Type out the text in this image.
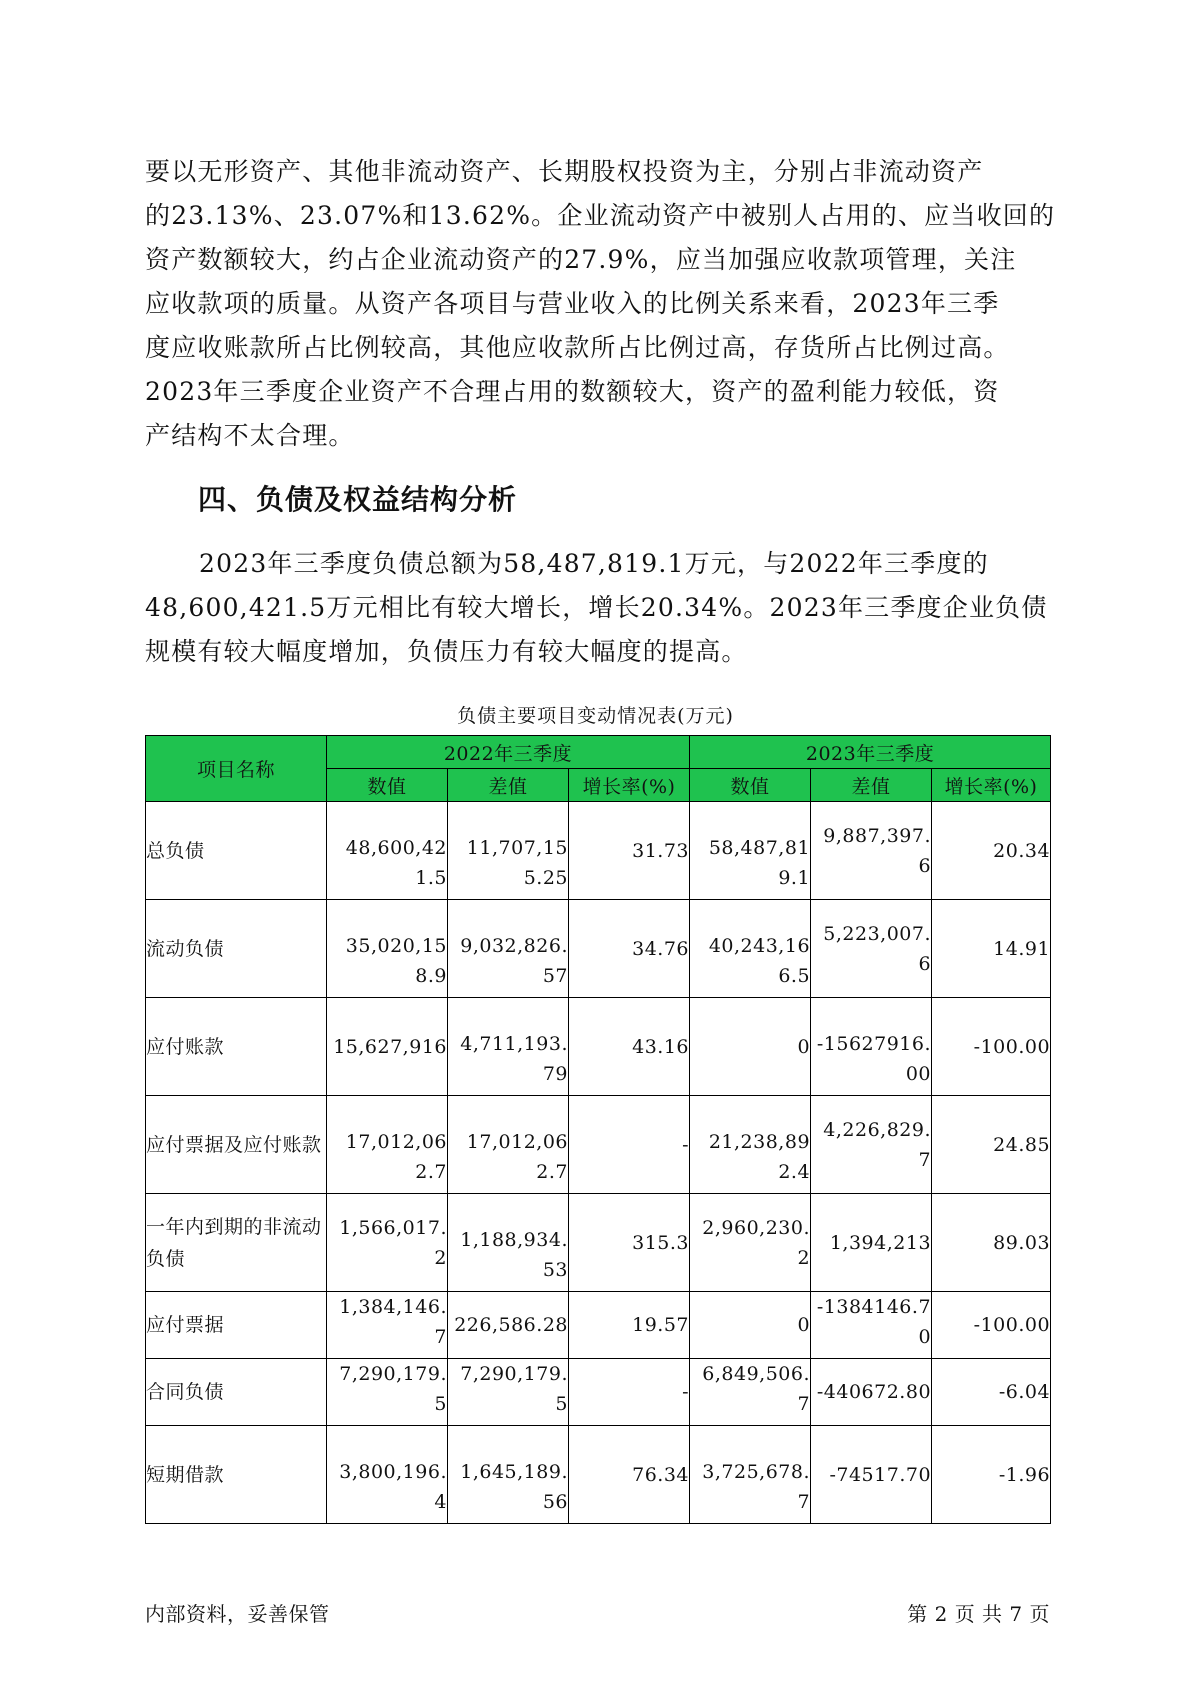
要以无形资产、其他非流动资产、长期股权投资为主，分别占非流动资产
的23.13%、23.07%和13.62%。企业流动资产中被别人占用的、应当收回的
资产数额较大，约占企业流动资产的27.9%，应当加强应收款项管理，关注
应收款项的质量。从资产各项目与营业收入的比例关系来看，2023年三季
度应收账款所占比例较高，其他应收款所占比例过高，存货所占比例过高。
2023年三季度企业资产不合理占用的数额较大，资产的盈利能力较低，资
产结构不太合理。
四、负债及权益结构分析
2023年三季度负债总额为58,487,819.1万元，与2022年三季度的
48,600,421.5万元相比有较大增长，增长20.34%。2023年三季度企业负债
规模有较大幅度增加，负债压力有较大幅度的提高。
负债主要项目变动情况表(万元)
项目名称	2022年三季度			2023年三季度		
	数值	差值	增长率(%)	数值	差值	增长率(%)
总负债	48,600,421.5	11,707,155.25	31.73	58,487,819.1	9,887,397.6	20.34
流动负债	35,020,158.9	9,032,826.57	34.76	40,243,166.5	5,223,007.6	14.91
应付账款	15,627,916	4,711,193.79	43.16	0	-15627916.00	-100.00
应付票据及应付账款	17,012,062.7	17,012,062.7	-	21,238,892.4	4,226,829.7	24.85
一年内到期的非流动负债	1,566,017.2	1,188,934.53	315.3	2,960,230.2	1,394,213	89.03
应付票据	1,384,146.7	226,586.28	19.57	0	-1384146.70	-100.00
合同负债	7,290,179.5	7,290,179.5	-	6,849,506.7	-440672.80	-6.04
短期借款	3,800,196.4	1,645,189.56	76.34	3,725,678.7	-74517.70	-1.96
内部资料，妥善保管	第 2 页 共 7 页
